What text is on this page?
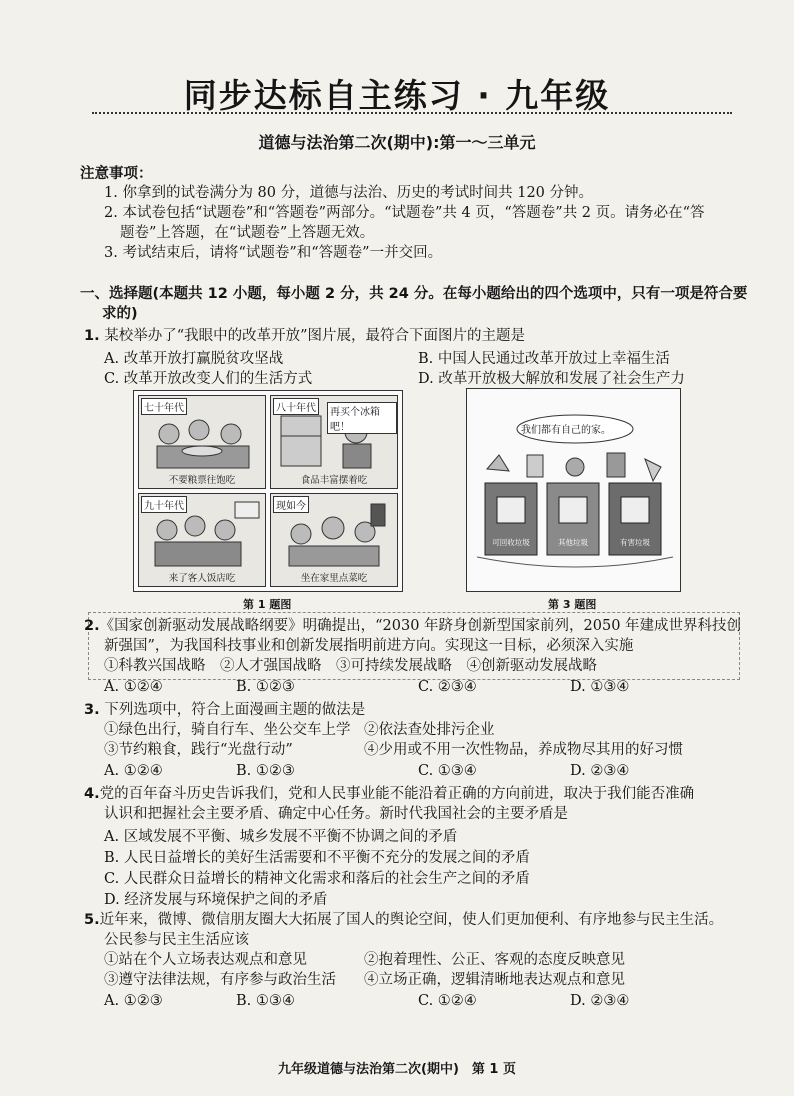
同步达标自主练习 · 九年级
道德与法治第二次(期中):第一～三单元
注意事项：
1. 你拿到的试卷满分为 80 分，道德与法治、历史的考试时间共 120 分钟。
2. 本试卷包括“试题卷”和“答题卷”两部分。“试题卷”共 4 页，“答题卷”共 2 页。请务必在“答
题卷”上答题，在“试题卷”上答题无效。
3. 考试结束后，请将“试题卷”和“答题卷”一并交回。
一、选择题(本题共 12 小题，每小题 2 分，共 24 分。在每小题给出的四个选项中，只有一项是符合要
求的)
1. 某校举办了“我眼中的改革开放”图片展，最符合下面图片的主题是
A. 改革开放打赢脱贫攻坚战	B. 中国人民通过改革开放过上幸福生活
C. 改革开放改变人们的生活方式	D. 改革开放极大解放和发展了社会生产力
七十年代
不要粮票往饱吃
八十年代	再买个冰箱吧！
食品丰富摆着吃
九十年代
来了客人饭店吃
现如今
坐在家里点菜吃
第 1 题图
我们都有自己的家。
可回收垃圾	其他垃圾	有害垃圾
第 3 题图
2.《国家创新驱动发展战略纲要》明确提出，“2030 年跻身创新型国家前列，2050 年建成世界科技创
新强国”，为我国科技事业和创新发展指明前进方向。实现这一目标，必须深入实施
①科教兴国战略　②人才强国战略　③可持续发展战略　④创新驱动发展战略
A. ①②④	B. ①②③	C. ②③④	D. ①③④
3. 下列选项中，符合上面漫画主题的做法是
①绿色出行，骑自行车、坐公交车上学 ②依法查处排污企业
③节约粮食，践行“光盘行动”	④少用或不用一次性物品，养成物尽其用的好习惯
A. ①②④	B. ①②③	C. ①③④	D. ②③④
4.党的百年奋斗历史告诉我们，党和人民事业能不能沿着正确的方向前进，取决于我们能否准确
认识和把握社会主要矛盾、确定中心任务。新时代我国社会的主要矛盾是
A. 区域发展不平衡、城乡发展不平衡不协调之间的矛盾
B. 人民日益增长的美好生活需要和不平衡不充分的发展之间的矛盾
C. 人民群众日益增长的精神文化需求和落后的社会生产之间的矛盾
D. 经济发展与环境保护之间的矛盾
5.近年来，微博、微信朋友圈大大拓展了国人的舆论空间，使人们更加便利、有序地参与民主生活。
公民参与民主生活应该
①站在个人立场表达观点和意见	②抱着理性、公正、客观的态度反映意见
③遵守法律法规，有序参与政治生活 ④立场正确，逻辑清晰地表达观点和意见
A. ①②③	B. ①③④	C. ①②④	D. ②③④
九年级道德与法治第二次(期中)　第 1 页
